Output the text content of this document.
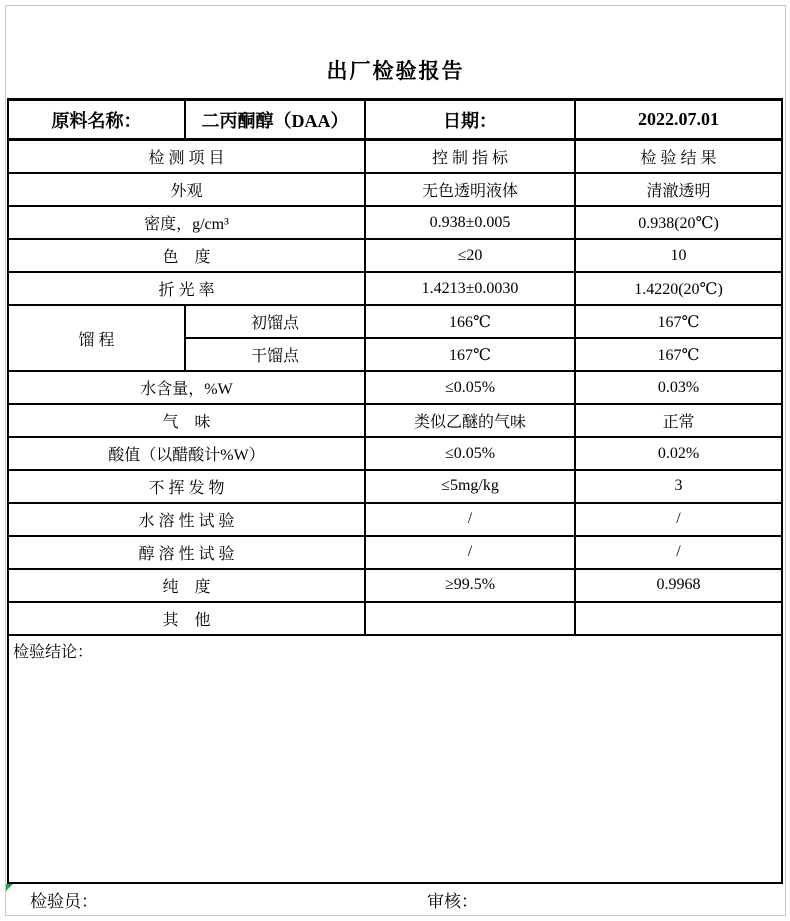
出厂检验报告
原料名称：	二丙酮醇（DAA）	日期：	2022.07.01
检 测 项 目		控 制 指 标	检 验 结 果
外观		无色透明液体	清澈透明
密度，g/cm³		0.938±0.005	0.938(20℃)
色　度		≤20	10
折 光 率		1.4213±0.0030	1.4220(20℃)
馏 程	初馏点	166℃	167℃
	干馏点	167℃	167℃
水含量，%W		≤0.05%	0.03%
气　味		类似乙醚的气味	正常
酸值（以醋酸计%W）		≤0.05%	0.02%
不 挥 发 物		≤5mg/kg	3
水 溶 性 试 验		/	/
醇 溶 性 试 验		/	/
纯　度		≥99.5%	0.9968
其　他			
检验结论：			
检验员：	审核：
